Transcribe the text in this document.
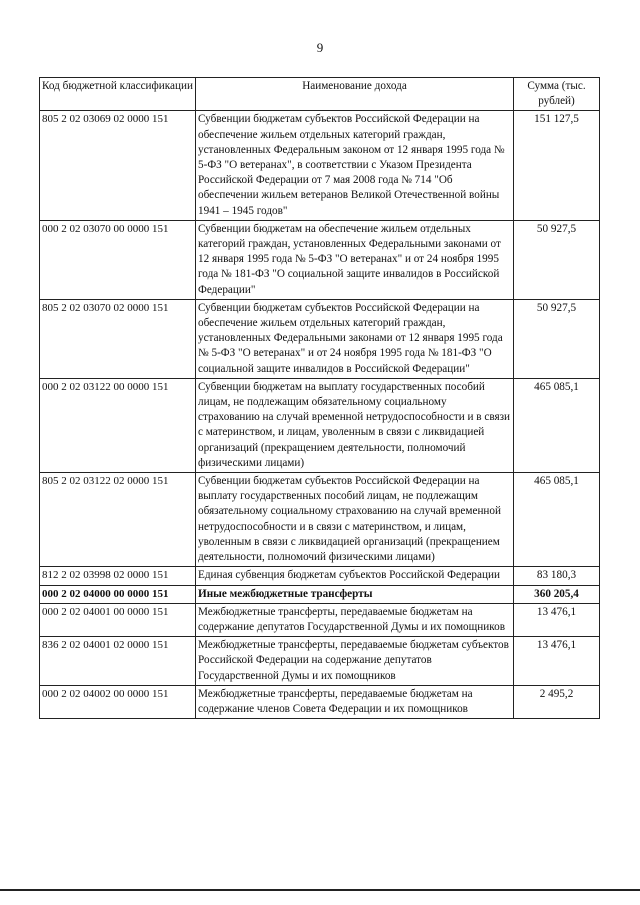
9
Код бюджетной классификации	Наименование дохода	Сумма (тыс. рублей)
805 2 02 03069 02 0000 151	Субвенции бюджетам субъектов Российской Федерации на обеспечение жильем отдельных категорий граждан, установленных Федеральным законом от 12 января 1995 года № 5-ФЗ "О ветеранах", в соответствии с Указом Президента Российской Федерации от 7 мая 2008 года № 714 "Об обеспечении жильем ветеранов Великой Отечественной войны 1941 – 1945 годов"	151 127,5
000 2 02 03070 00 0000 151	Субвенции бюджетам на обеспечение жильем отдельных категорий граждан, установленных Федеральными законами от 12 января 1995 года № 5-ФЗ "О ветеранах" и от 24 ноября 1995 года № 181-ФЗ "О социальной защите инвалидов в Российской Федерации"	50 927,5
805 2 02 03070 02 0000 151	Субвенции бюджетам субъектов Российской Федерации на обеспечение жильем отдельных категорий граждан, установленных Федеральными законами от 12 января 1995 года № 5-ФЗ "О ветеранах" и от 24 ноября 1995 года № 181-ФЗ "О социальной защите инвалидов в Российской Федерации"	50 927,5
000 2 02 03122 00 0000 151	Субвенции бюджетам на выплату государственных пособий лицам, не подлежащим обязательному социальному страхованию на случай временной нетрудоспособности и в связи с материнством, и лицам, уволенным в связи с ликвидацией организаций (прекращением деятельности, полномочий физическими лицами)	465 085,1
805 2 02 03122 02 0000 151	Субвенции бюджетам субъектов Российской Федерации на выплату государственных пособий лицам, не подлежащим обязательному социальному страхованию на случай временной нетрудоспособности и в связи с материнством, и лицам, уволенным в связи с ликвидацией организаций (прекращением деятельности, полномочий физическими лицами)	465 085,1
812 2 02 03998 02 0000 151	Единая субвенция бюджетам субъектов Российской Федерации	83 180,3
000 2 02 04000 00 0000 151	Иные межбюджетные трансферты	360 205,4
000 2 02 04001 00 0000 151	Межбюджетные трансферты, передаваемые бюджетам на содержание депутатов Государственной Думы и их помощников	13 476,1
836 2 02 04001 02 0000 151	Межбюджетные трансферты, передаваемые бюджетам субъектов Российской Федерации на содержание депутатов Государственной Думы и их помощников	13 476,1
000 2 02 04002 00 0000 151	Межбюджетные трансферты, передаваемые бюджетам на содержание членов Совета Федерации и их помощников	2 495,2
